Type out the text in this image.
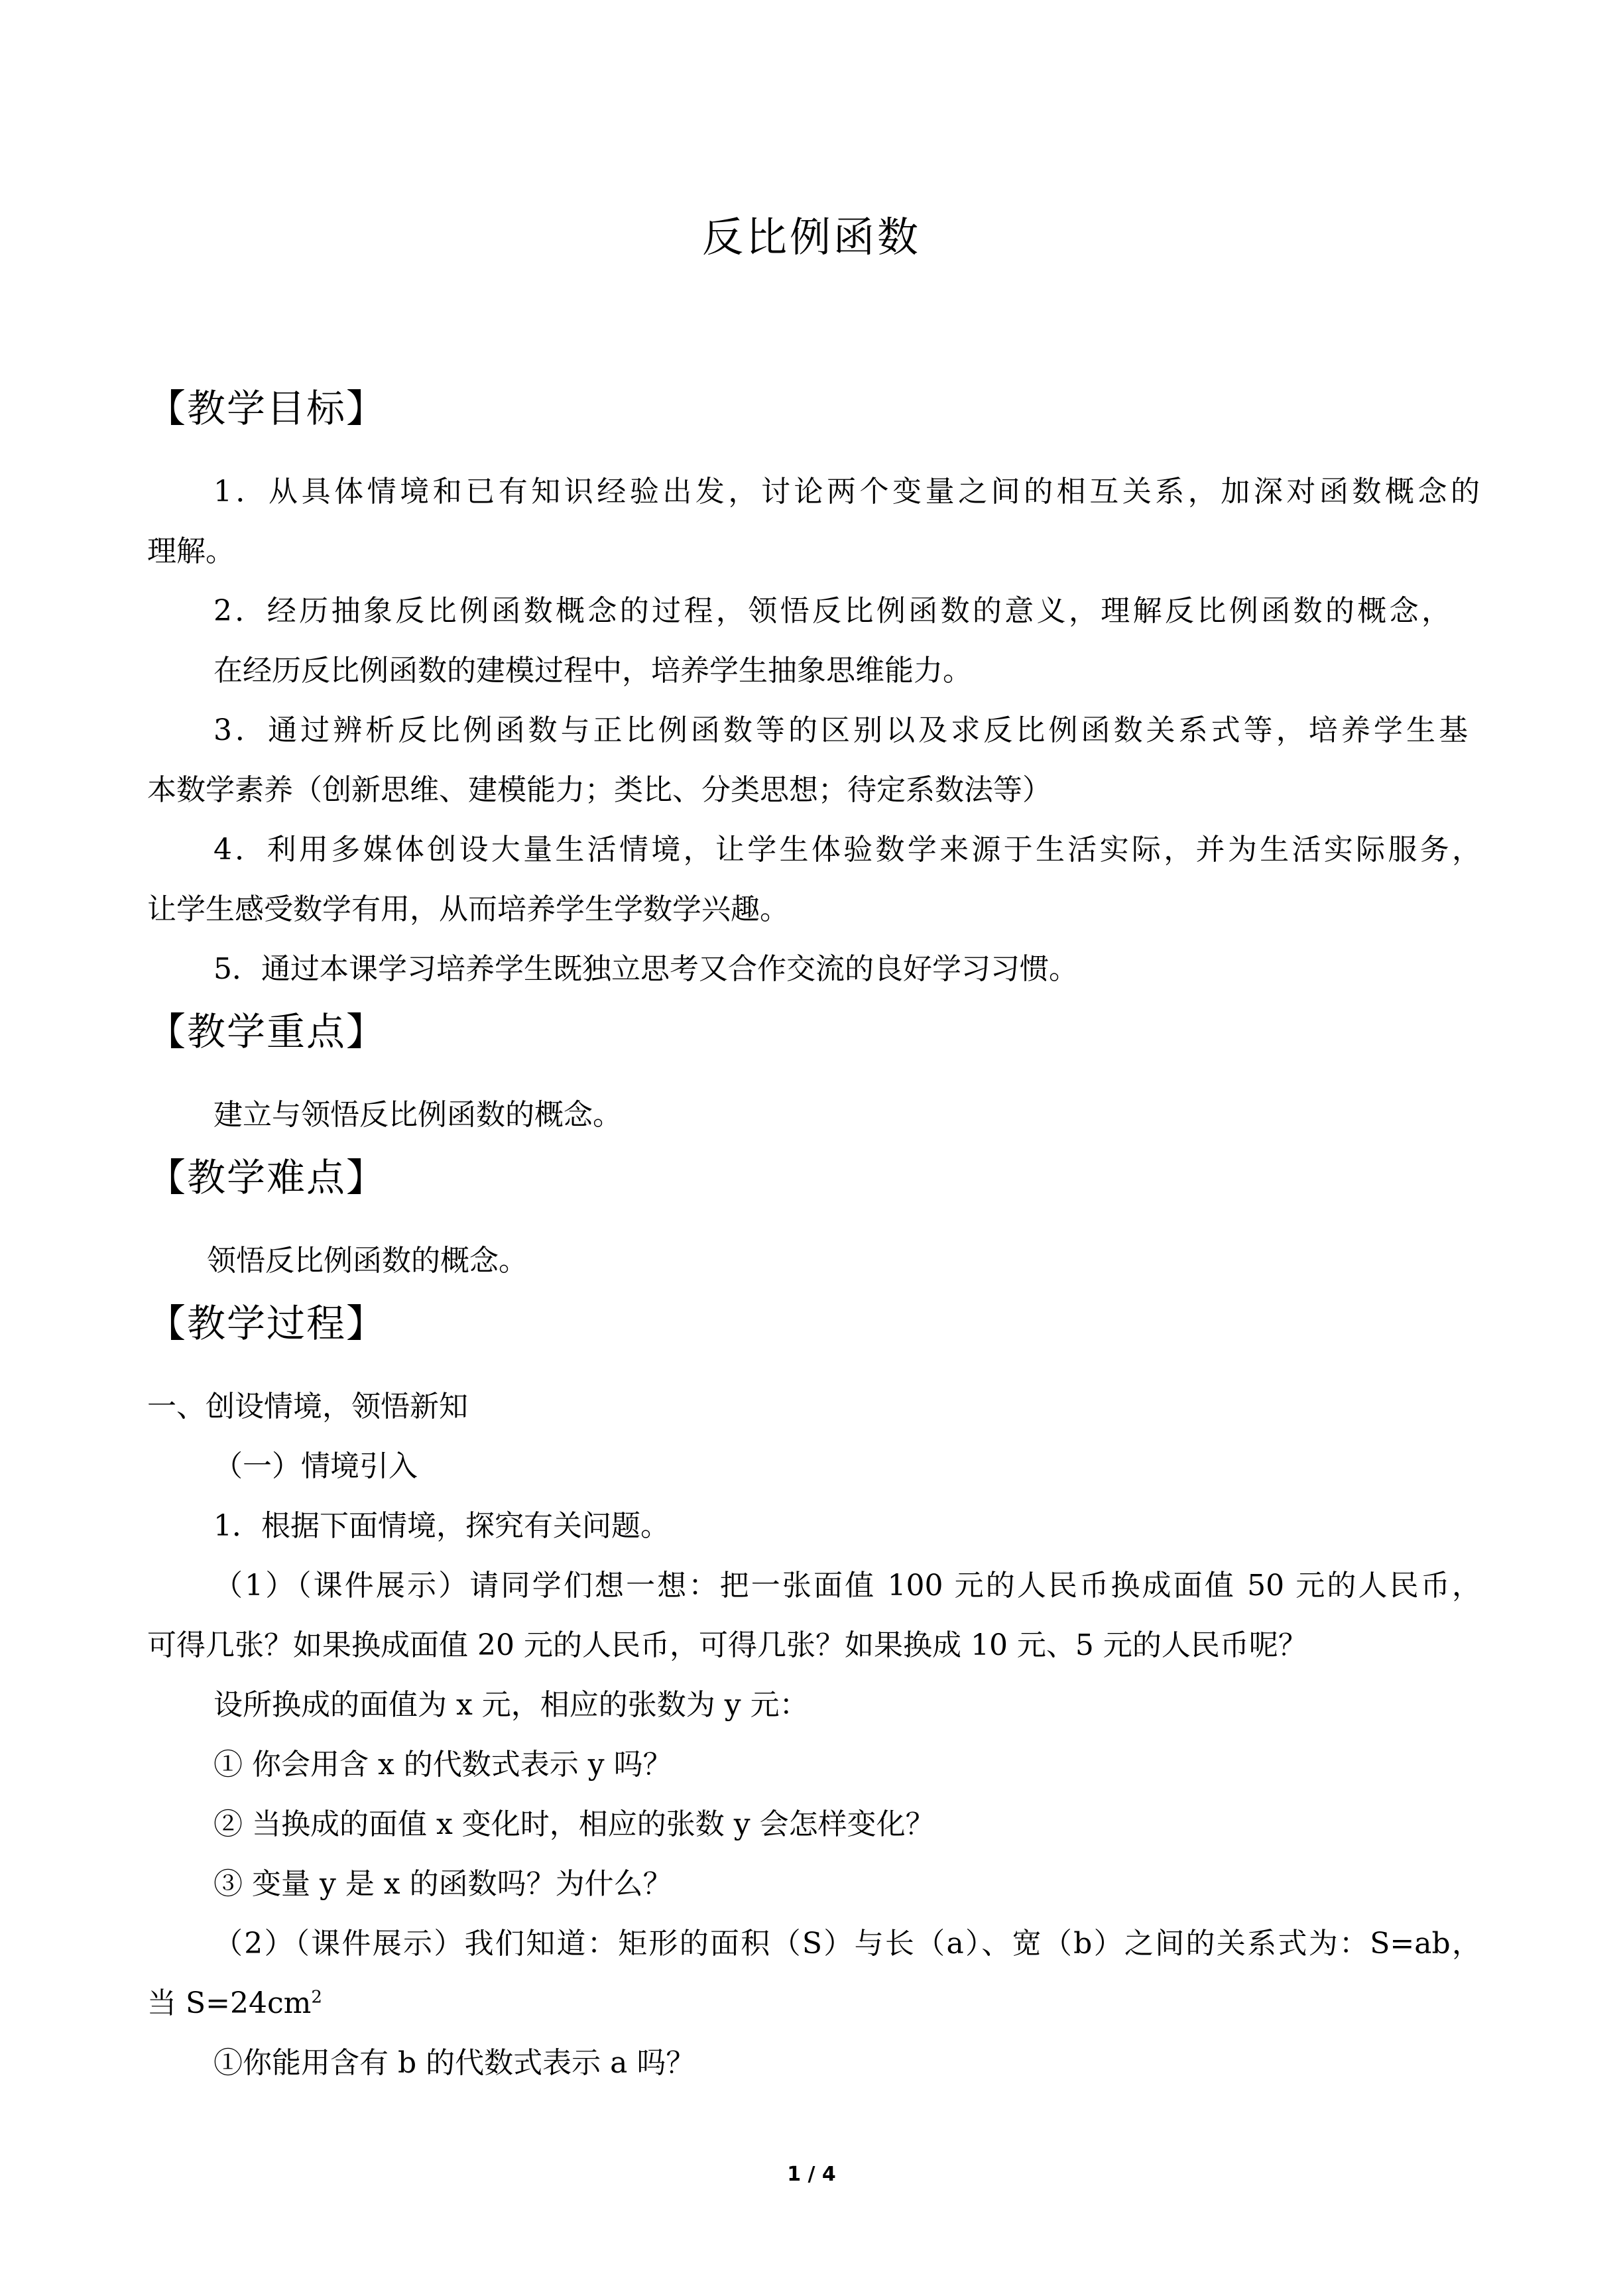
反比例函数
【教学目标】
1．从具体情境和已有知识经验出发，讨论两个变量之间的相互关系，加深对函数概念的
理解。
2．经历抽象反比例函数概念的过程，领悟反比例函数的意义，理解反比例函数的概念，
在经历反比例函数的建模过程中，培养学生抽象思维能力。
3．通过辨析反比例函数与正比例函数等的区别以及求反比例函数关系式等，培养学生基
本数学素养（创新思维、建模能力；类比、分类思想；待定系数法等）
4．利用多媒体创设大量生活情境，让学生体验数学来源于生活实际，并为生活实际服务，
让学生感受数学有用，从而培养学生学数学兴趣。
5．通过本课学习培养学生既独立思考又合作交流的良好学习习惯。
【教学重点】
建立与领悟反比例函数的概念。
【教学难点】
领悟反比例函数的概念。
【教学过程】
一、创设情境，领悟新知
（一）情境引入
1．根据下面情境，探究有关问题。
（1）（课件展示）请同学们想一想：把一张面值 100 元的人民币换成面值 50 元的人民币，
可得几张？如果换成面值 20 元的人民币，可得几张？如果换成 10 元、5 元的人民币呢？
设所换成的面值为 x 元，相应的张数为 y 元：
① 你会用含 x 的代数式表示 y 吗？
② 当换成的面值 x 变化时，相应的张数 y 会怎样变化？
③ 变量 y 是 x 的函数吗？为什么？
（2）（课件展示）我们知道：矩形的面积（S）与长（a）、宽（b）之间的关系式为：S=ab，
当 $S=24cm^2$
①你能用含有 b 的代数式表示 a 吗？
1 / 4
